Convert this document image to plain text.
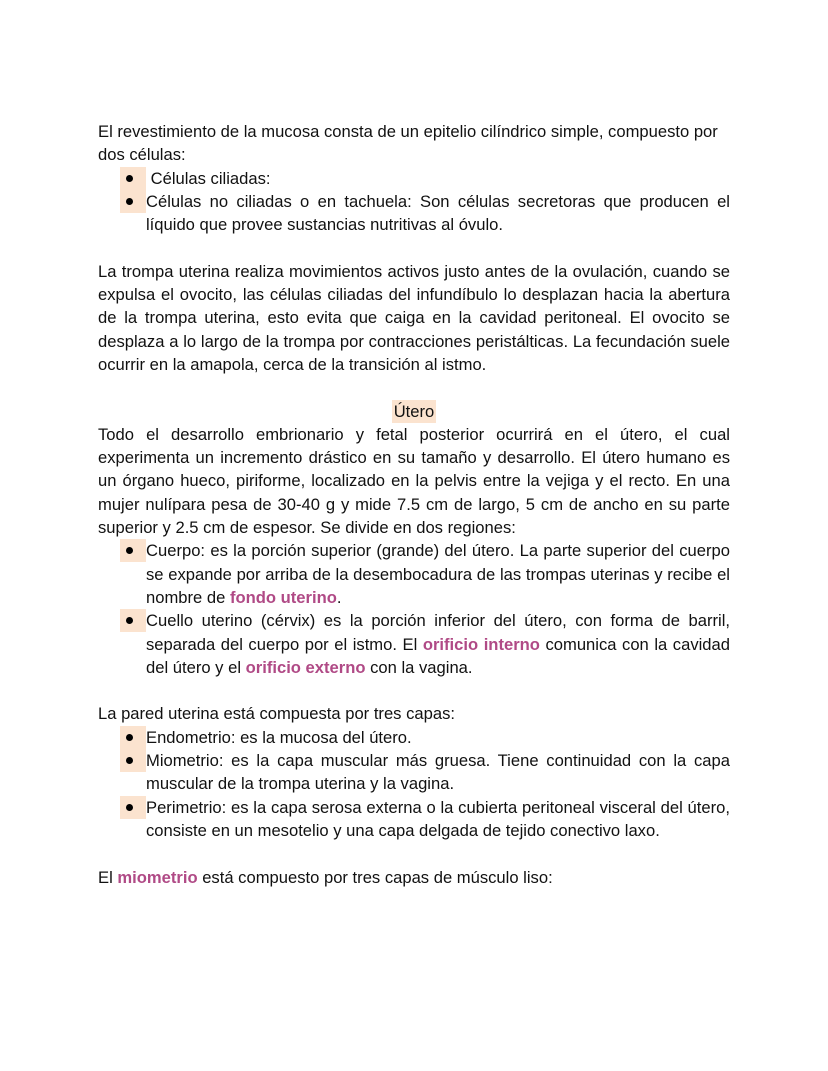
El revestimiento de la mucosa consta de un epitelio cilíndrico simple, compuesto por dos células:

Células ciliadas:
Células no ciliadas o en tachuela: Son células secretoras que producen el líquido que provee sustancias nutritivas al óvulo.

La trompa uterina realiza movimientos activos justo antes de la ovulación, cuando se expulsa el ovocito, las células ciliadas del infundíbulo lo desplazan hacia la abertura de la trompa uterina, esto evita que caiga en la cavidad peritoneal. El ovocito se desplaza a lo largo de la trompa por contracciones peristálticas. La fecundación suele ocurrir en la amapola, cerca de la transición al istmo.

Útero

Todo el desarrollo embrionario y fetal posterior ocurrirá en el útero, el cual experimenta un incremento drástico en su tamaño y desarrollo. El útero humano es un órgano hueco, piriforme, localizado en la pelvis entre la vejiga y el recto. En una mujer nulípara pesa de 30-40 g y mide 7.5 cm de largo, 5 cm de ancho en su parte superior y 2.5 cm de espesor. Se divide en dos regiones:

Cuerpo: es la porción superior (grande) del útero. La parte superior del cuerpo se expande por arriba de la desembocadura de las trompas uterinas y recibe el nombre de fondo uterino.
Cuello uterino (cérvix) es la porción inferior del útero, con forma de barril, separada del cuerpo por el istmo. El orificio interno comunica con la cavidad del útero y el orificio externo con la vagina.

La pared uterina está compuesta por tres capas:

Endometrio: es la mucosa del útero.
Miometrio: es la capa muscular más gruesa. Tiene continuidad con la capa muscular de la trompa uterina y la vagina.
Perimetrio: es la capa serosa externa o la cubierta peritoneal visceral del útero, consiste en un mesotelio y una capa delgada de tejido conectivo laxo.

El miometrio está compuesto por tres capas de músculo liso:
